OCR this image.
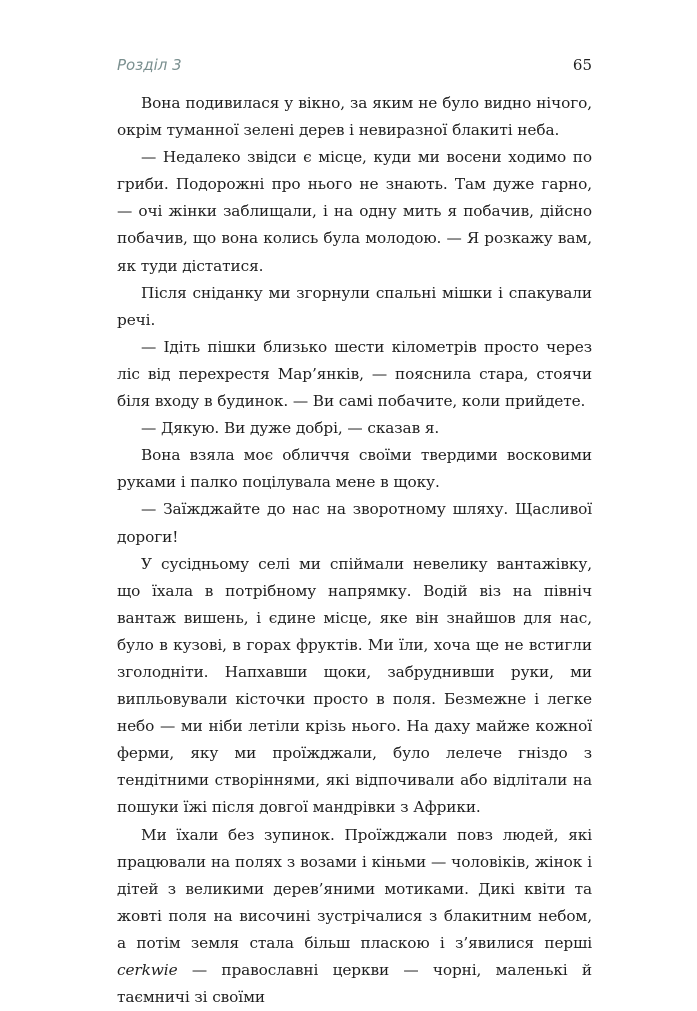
Розділ 3	65

Вона подивилася у вікно, за яким не було видно нічого, окрім туманної зелені дерев і невиразної блакиті неба.

— Недалеко звідси є місце, куди ми восени ходимо по гриби. Подорожні про нього не знають. Там дуже гарно, — очі жінки заблищали, і на одну мить я побачив, дійсно побачив, що вона колись була молодою. — Я розкажу вам, як туди дістатися.

Після сніданку ми згорнули спальні мішки і спакували речі.

— Ідіть пішки близько шести кілометрів просто через ліс від перехрестя Мар’янків, — пояснила стара, стоячи біля входу в будинок. — Ви самі побачите, коли прийдете.

— Дякую. Ви дуже добрі, — сказав я.

Вона взяла моє обличчя своїми твердими восковими руками і палко поцілувала мене в щоку.

— Заїжджайте до нас на зворотному шляху. Щасливої дороги!

У сусідньому селі ми спіймали невелику вантажівку, що їхала в потрібному напрямку. Водій віз на північ вантаж вишень, і єдине місце, яке він знайшов для нас, було в кузові, в горах фруктів. Ми їли, хоча ще не встигли зголодніти. Напхавши щоки, забруднивши руки, ми випльовували кісточки просто в поля. Безмежне і легке небо — ми ніби летіли крізь нього. На даху майже кожної ферми, яку ми проїжджали, було лелече гніздо з тендітними створіннями, які відпочивали або відлітали на пошуки їжі після довгої мандрівки з Африки.

Ми їхали без зупинок. Проїжджали повз людей, які працювали на полях з возами і кіньми — чоловіків, жінок і дітей з великими дерев’яними мотиками. Дикі квіти та жовті поля на височині зустрічалися з блакитним небом, а потім земля стала більш пласкою і з’явилися перші cerkwie — православні церкви — чорні, маленькі й таємничі зі своїми
